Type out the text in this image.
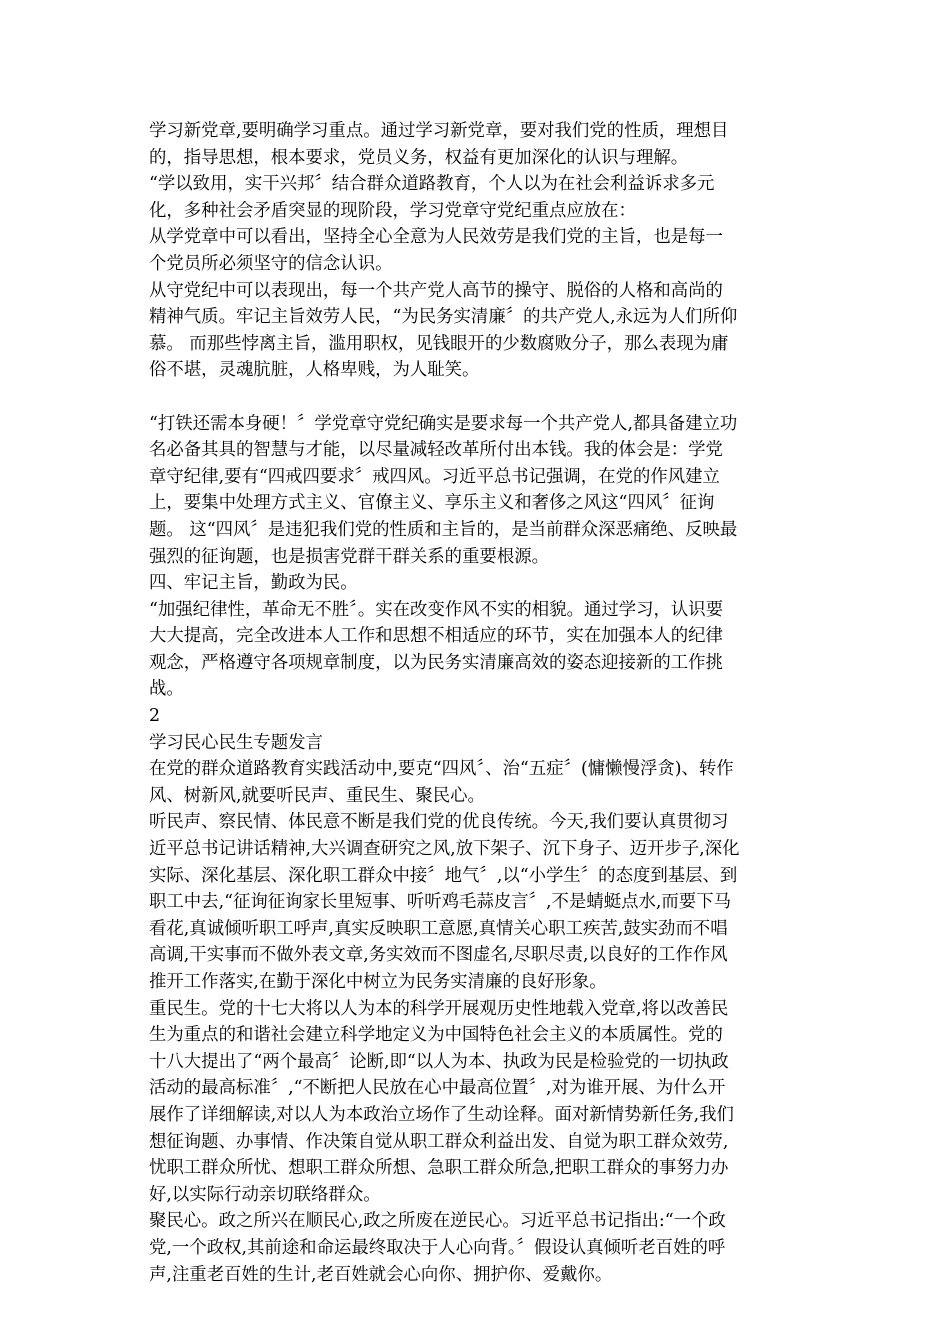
学习新党章,要明确学习重点。通过学习新党章，要对我们党的性质，理想目
的，指导思想，根本要求，党员义务，权益有更加深化的认识与理解。

“学以致用，实干兴邦〞结合群众道路教育，个人以为在社会利益诉求多元
化，多种社会矛盾突显的现阶段，学习党章守党纪重点应放在：

从学党章中可以看出，坚持全心全意为人民效劳是我们党的主旨，也是每一
个党员所必须坚守的信念认识。

从守党纪中可以表现出，每一个共产党人高节的操守、脱俗的人格和高尚的
精神气质。牢记主旨效劳人民，“为民务实清廉〞的共产党人,永远为人们所仰
慕。 而那些悖离主旨，滥用职权，见钱眼开的少数腐败分子，那么表现为庸
俗不堪，灵魂肮脏，人格卑贱，为人耻笑。

“打铁还需本身硬！〞学党章守党纪确实是要求每一个共产党人,都具备建立功
名必备其具的智慧与才能，以尽量减轻改革所付出本钱。我的体会是：学党
章守纪律,要有“四戒四要求〞戒四风。习近平总书记强调，在党的作风建立
上，要集中处理方式主义、官僚主义、享乐主义和奢侈之风这“四风〞征询
题。 这“四风〞是违犯我们党的性质和主旨的，是当前群众深恶痛绝、反映最
强烈的征询题，也是损害党群干群关系的重要根源。

四、牢记主旨，勤政为民。

“加强纪律性，革命无不胜〞。实在改变作风不实的相貌。通过学习，认识要
大大提高，完全改进本人工作和思想不相适应的环节，实在加强本人的纪律
观念，严格遵守各项规章制度，以为民务实清廉高效的姿态迎接新的工作挑
战。

2

学习民心民生专题发言

在党的群众道路教育实践活动中,要克“四风〞、治“五症〞(慵懒慢浮贪)、转作
风、树新风,就要听民声、重民生、聚民心。

听民声、察民情、体民意不断是我们党的优良传统。今天,我们要认真贯彻习
近平总书记讲话精神,大兴调查研究之风,放下架子、沉下身子、迈开步子,深化
实际、深化基层、深化职工群众中接〞地气〞,以“小学生〞的态度到基层、到
职工中去,“征询征询家长里短事、听听鸡毛蒜皮言〞,不是蜻蜓点水,而要下马
看花,真诚倾听职工呼声,真实反映职工意愿,真情关心职工疾苦,鼓实劲而不唱
高调,干实事而不做外表文章,务实效而不图虚名,尽职尽责,以良好的工作作风
推开工作落实,在勤于深化中树立为民务实清廉的良好形象。

重民生。党的十七大将以人为本的科学开展观历史性地载入党章,将以改善民
生为重点的和谐社会建立科学地定义为中国特色社会主义的本质属性。党的
十八大提出了“两个最高〞论断,即“以人为本、执政为民是检验党的一切执政
活动的最高标准〞,“不断把人民放在心中最高位置〞,对为谁开展、为什么开
展作了详细解读,对以人为本政治立场作了生动诠释。面对新情势新任务,我们
想征询题、办事情、作决策自觉从职工群众利益出发、自觉为职工群众效劳,
忧职工群众所忧、想职工群众所想、急职工群众所急,把职工群众的事努力办
好,以实际行动亲切联络群众。

聚民心。政之所兴在顺民心,政之所废在逆民心。习近平总书记指出:“一个政
党,一个政权,其前途和命运最终取决于人心向背。〞假设认真倾听老百姓的呼
声,注重老百姓的生计,老百姓就会心向你、拥护你、爱戴你。
